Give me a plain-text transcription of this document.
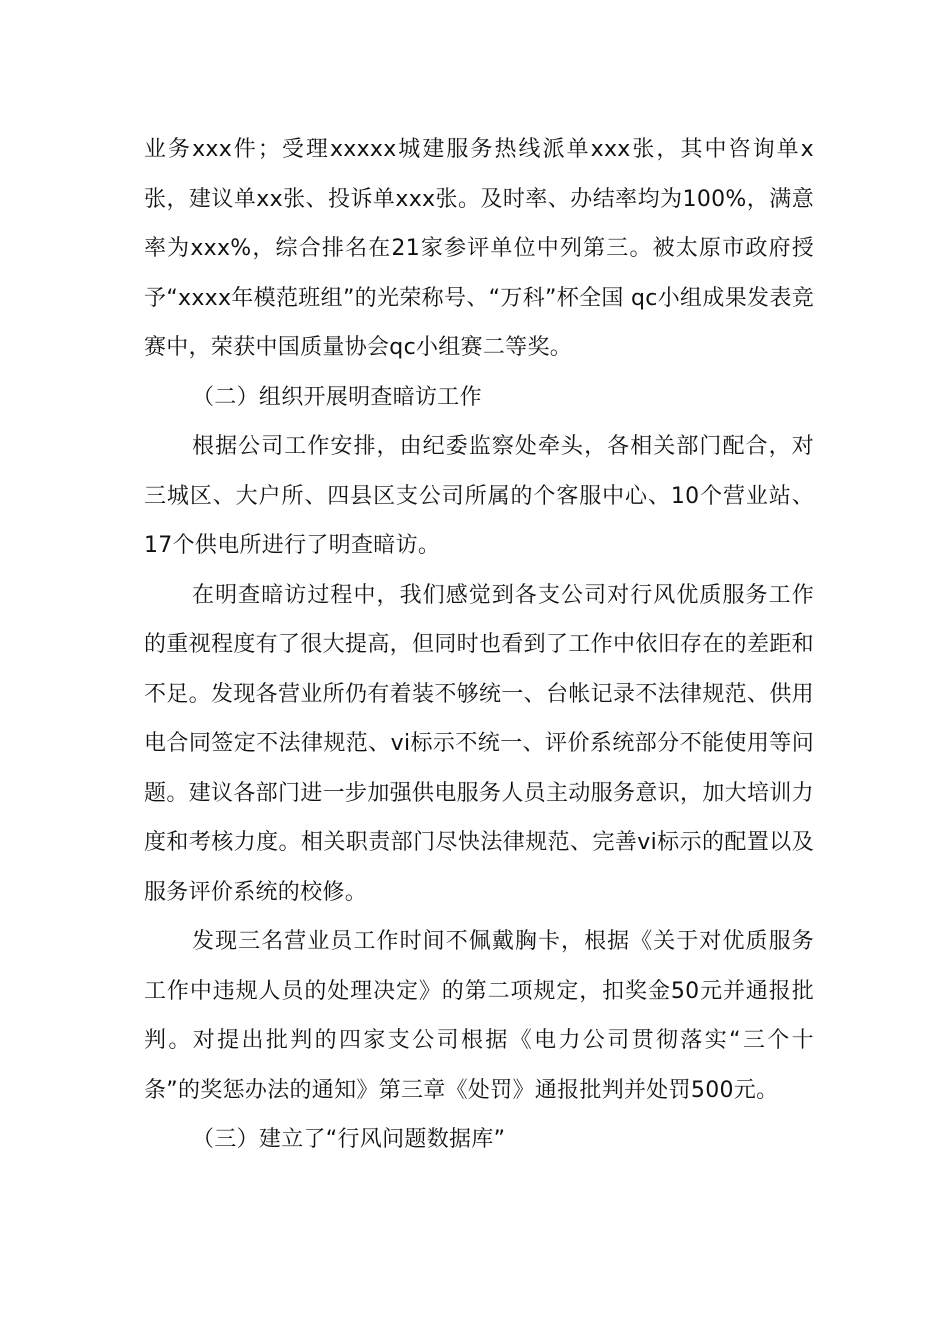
业务xxx件；受理xxxxx城建服务热线派单xxx张，其中咨询单x张，建议单xx张、投诉单xxx张。及时率、办结率均为100%，满意率为xxx%，综合排名在21家参评单位中列第三。被太原市政府授予“xxxx年模范班组”的光荣称号、“万科”杯全国 qc小组成果发表竞赛中，荣获中国质量协会qc小组赛二等奖。

（二）组织开展明查暗访工作

根据公司工作安排，由纪委监察处牵头，各相关部门配合，对三城区、大户所、四县区支公司所属的个客服中心、10个营业站、17个供电所进行了明查暗访。

在明查暗访过程中，我们感觉到各支公司对行风优质服务工作的重视程度有了很大提高，但同时也看到了工作中依旧存在的差距和不足。发现各营业所仍有着装不够统一、台帐记录不法律规范、供用电合同签定不法律规范、vi标示不统一、评价系统部分不能使用等问题。建议各部门进一步加强供电服务人员主动服务意识，加大培训力度和考核力度。相关职责部门尽快法律规范、完善vi标示的配置以及服务评价系统的校修。

发现三名营业员工作时间不佩戴胸卡，根据《关于对优质服务工作中违规人员的处理决定》的第二项规定，扣奖金50元并通报批判。对提出批判的四家支公司根据《电力公司贯彻落实“三个十条”的奖惩办法的通知》第三章《处罚》通报批判并处罚500元。

（三）建立了“行风问题数据库”
